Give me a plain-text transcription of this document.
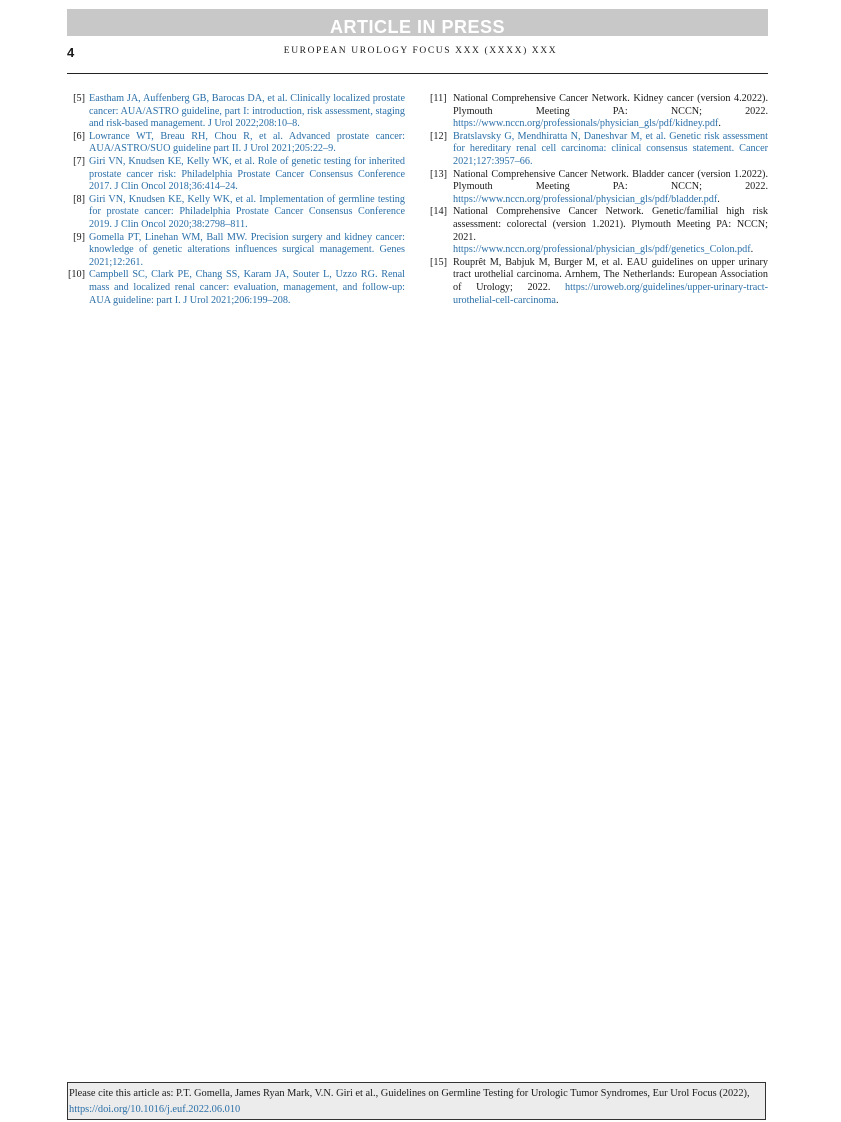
ARTICLE IN PRESS
4	EUROPEAN UROLOGY FOCUS XXX (XXXX) XXX
[5] Eastham JA, Auffenberg GB, Barocas DA, et al. Clinically localized prostate cancer: AUA/ASTRO guideline, part I: introduction, risk assessment, staging and risk-based management. J Urol 2022;208:10–8.
[6] Lowrance WT, Breau RH, Chou R, et al. Advanced prostate cancer: AUA/ASTRO/SUO guideline part II. J Urol 2021;205:22–9.
[7] Giri VN, Knudsen KE, Kelly WK, et al. Role of genetic testing for inherited prostate cancer risk: Philadelphia Prostate Cancer Consensus Conference 2017. J Clin Oncol 2018;36:414–24.
[8] Giri VN, Knudsen KE, Kelly WK, et al. Implementation of germline testing for prostate cancer: Philadelphia Prostate Cancer Consensus Conference 2019. J Clin Oncol 2020;38:2798–811.
[9] Gomella PT, Linehan WM, Ball MW. Precision surgery and kidney cancer: knowledge of genetic alterations influences surgical management. Genes 2021;12:261.
[10] Campbell SC, Clark PE, Chang SS, Karam JA, Souter L, Uzzo RG. Renal mass and localized renal cancer: evaluation, management, and follow-up: AUA guideline: part I. J Urol 2021;206:199–208.
[11] National Comprehensive Cancer Network. Kidney cancer (version 4.2022). Plymouth Meeting PA: NCCN; 2022. https://www.nccn.org/professionals/physician_gls/pdf/kidney.pdf.
[12] Bratslavsky G, Mendhiratta N, Daneshvar M, et al. Genetic risk assessment for hereditary renal cell carcinoma: clinical consensus statement. Cancer 2021;127:3957–66.
[13] National Comprehensive Cancer Network. Bladder cancer (version 1.2022). Plymouth Meeting PA: NCCN; 2022. https://www.nccn.org/professional/physician_gls/pdf/bladder.pdf.
[14] National Comprehensive Cancer Network. Genetic/familial high risk assessment: colorectal (version 1.2021). Plymouth Meeting PA: NCCN; 2021. https://www.nccn.org/professional/physician_gls/pdf/genetics_Colon.pdf.
[15] Rouprêt M, Babjuk M, Burger M, et al. EAU guidelines on upper urinary tract urothelial carcinoma. Arnhem, The Netherlands: European Association of Urology; 2022. https://uroweb.org/guidelines/upper-urinary-tract-urothelial-cell-carcinoma.
Please cite this article as: P.T. Gomella, James Ryan Mark, V.N. Giri et al., Guidelines on Germline Testing for Urologic Tumor Syndromes, Eur Urol Focus (2022), https://doi.org/10.1016/j.euf.2022.06.010
